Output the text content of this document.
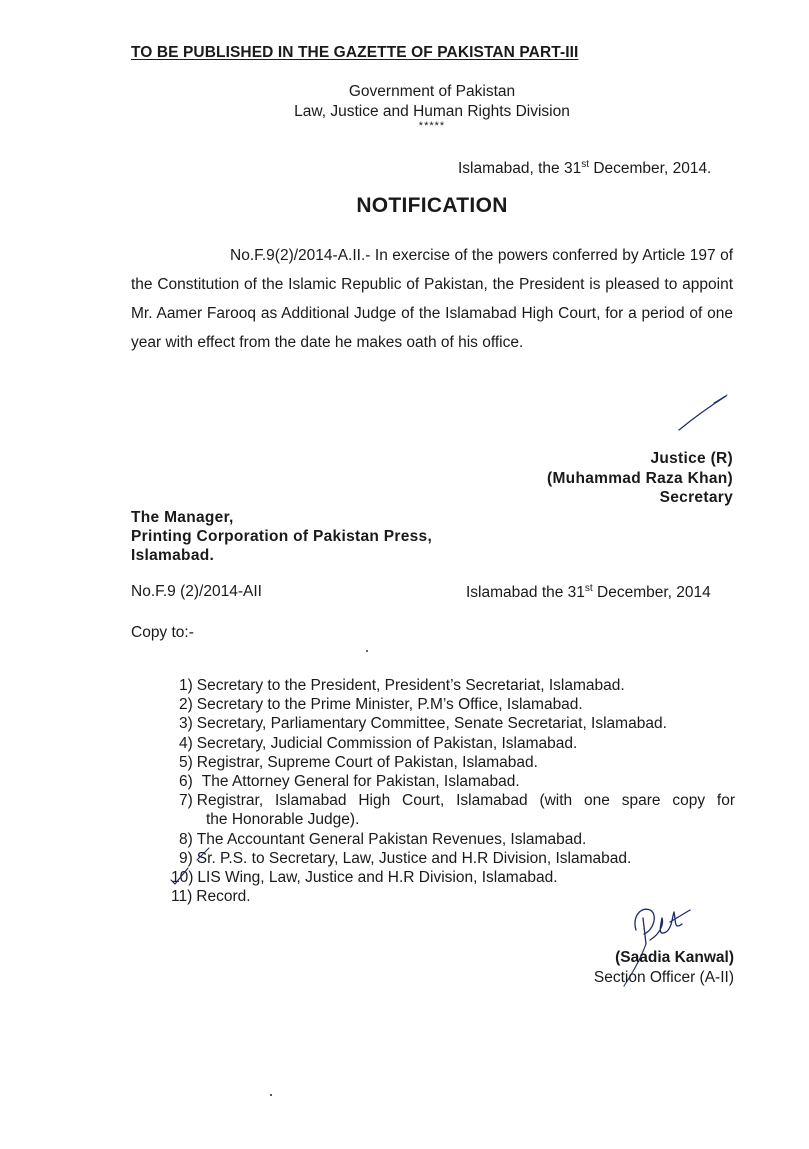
TO BE PUBLISHED IN THE GAZETTE OF PAKISTAN PART-III
Government of Pakistan
Law, Justice and Human Rights Division
*****
Islamabad, the 31st December, 2014.
NOTIFICATION
No.F.9(2)/2014-A.II.- In exercise of the powers conferred by Article 197 of the Constitution of the Islamic Republic of Pakistan, the President is pleased to appoint Mr. Aamer Farooq as Additional Judge of the Islamabad High Court, for a period of one year with effect from the date he makes oath of his office.
Justice (R)
(Muhammad Raza Khan)
Secretary
The Manager,
Printing Corporation of Pakistan Press,
Islamabad.
No.F.9 (2)/2014-AII	Islamabad the 31st December, 2014
Copy to:-
1) Secretary to the President, President’s Secretariat, Islamabad.
2) Secretary to the Prime Minister, P.M’s Office, Islamabad.
3) Secretary, Parliamentary Committee, Senate Secretariat, Islamabad.
4) Secretary, Judicial Commission of Pakistan, Islamabad.
5) Registrar, Supreme Court of Pakistan, Islamabad.
6) The Attorney General for Pakistan, Islamabad.
7) Registrar, Islamabad High Court, Islamabad (with one spare copy for
the Honorable Judge).
8) The Accountant General Pakistan Revenues, Islamabad.
9) Sr. P.S. to Secretary, Law, Justice and H.R Division, Islamabad.
10) LIS Wing, Law, Justice and H.R Division, Islamabad.
11) Record.
(Saadia Kanwal)
Section Officer (A-II)
